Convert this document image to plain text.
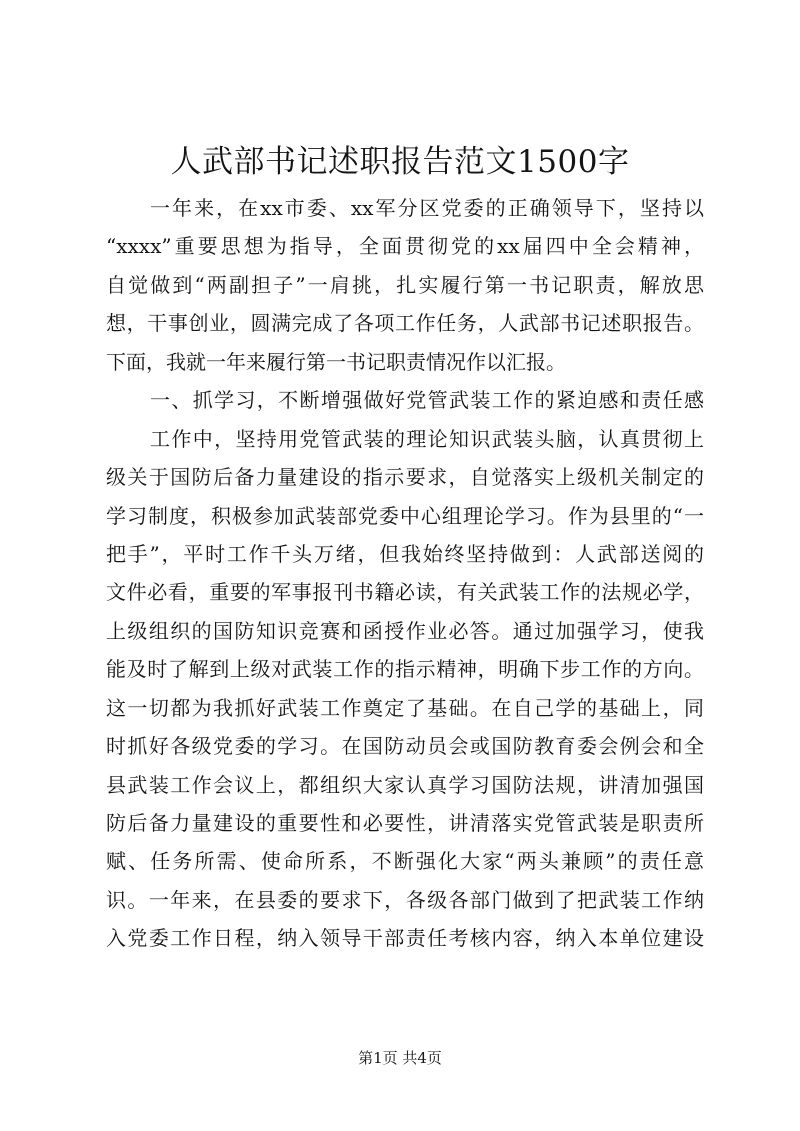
人武部书记述职报告范文1500字
一年来，在xx市委、xx军分区党委的正确领导下，坚持以
“xxxx”重要思想为指导，全面贯彻党的xx届四中全会精神，
自觉做到“两副担子”一肩挑，扎实履行第一书记职责，解放思
想，干事创业，圆满完成了各项工作任务，人武部书记述职报告。
下面，我就一年来履行第一书记职责情况作以汇报。
一、抓学习，不断增强做好党管武装工作的紧迫感和责任感
工作中，坚持用党管武装的理论知识武装头脑，认真贯彻上
级关于国防后备力量建设的指示要求，自觉落实上级机关制定的
学习制度，积极参加武装部党委中心组理论学习。作为县里的“一
把手”，平时工作千头万绪，但我始终坚持做到：人武部送阅的
文件必看，重要的军事报刊书籍必读，有关武装工作的法规必学，
上级组织的国防知识竞赛和函授作业必答。通过加强学习，使我
能及时了解到上级对武装工作的指示精神，明确下步工作的方向。
这一切都为我抓好武装工作奠定了基础。在自己学的基础上，同
时抓好各级党委的学习。在国防动员会或国防教育委会例会和全
县武装工作会议上，都组织大家认真学习国防法规，讲清加强国
防后备力量建设的重要性和必要性，讲清落实党管武装是职责所
赋、任务所需、使命所系，不断强化大家“两头兼顾”的责任意
识。一年来，在县委的要求下，各级各部门做到了把武装工作纳
入党委工作日程，纳入领导干部责任考核内容，纳入本单位建设
第1页 共4页
